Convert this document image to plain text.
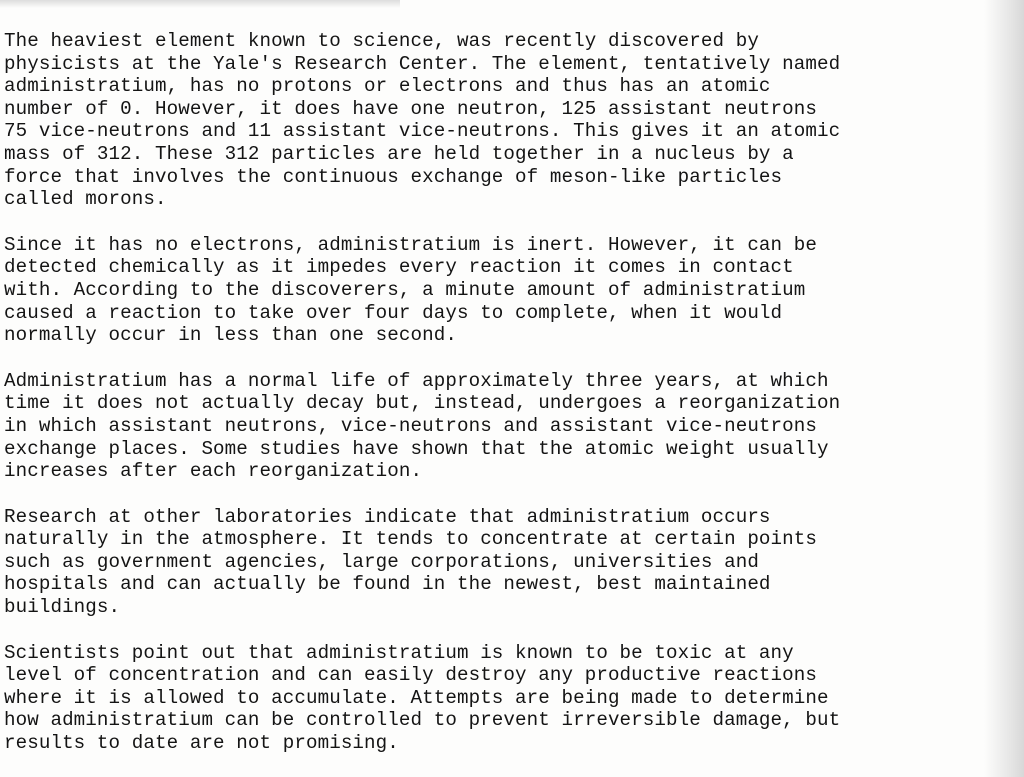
The heaviest element known to science, was recently discovered by
physicists at the Yale's Research Center. The element, tentatively named
administratium, has no protons or electrons and thus has an atomic
number of 0. However, it does have one neutron, 125 assistant neutrons
75 vice-neutrons and 11 assistant vice-neutrons. This gives it an atomic
mass of 312. These 312 particles are held together in a nucleus by a
force that involves the continuous exchange of meson-like particles
called morons.

Since it has no electrons, administratium is inert. However, it can be
detected chemically as it impedes every reaction it comes in contact
with. According to the discoverers, a minute amount of administratium
caused a reaction to take over four days to complete, when it would
normally occur in less than one second.

Administratium has a normal life of approximately three years, at which
time it does not actually decay but, instead, undergoes a reorganization
in which assistant neutrons, vice-neutrons and assistant vice-neutrons
exchange places. Some studies have shown that the atomic weight usually
increases after each reorganization.

Research at other laboratories indicate that administratium occurs
naturally in the atmosphere. It tends to concentrate at certain points
such as government agencies, large corporations, universities and
hospitals and can actually be found in the newest, best maintained
buildings.

Scientists point out that administratium is known to be toxic at any
level of concentration and can easily destroy any productive reactions
where it is allowed to accumulate. Attempts are being made to determine
how administratium can be controlled to prevent irreversible damage, but
results to date are not promising.
